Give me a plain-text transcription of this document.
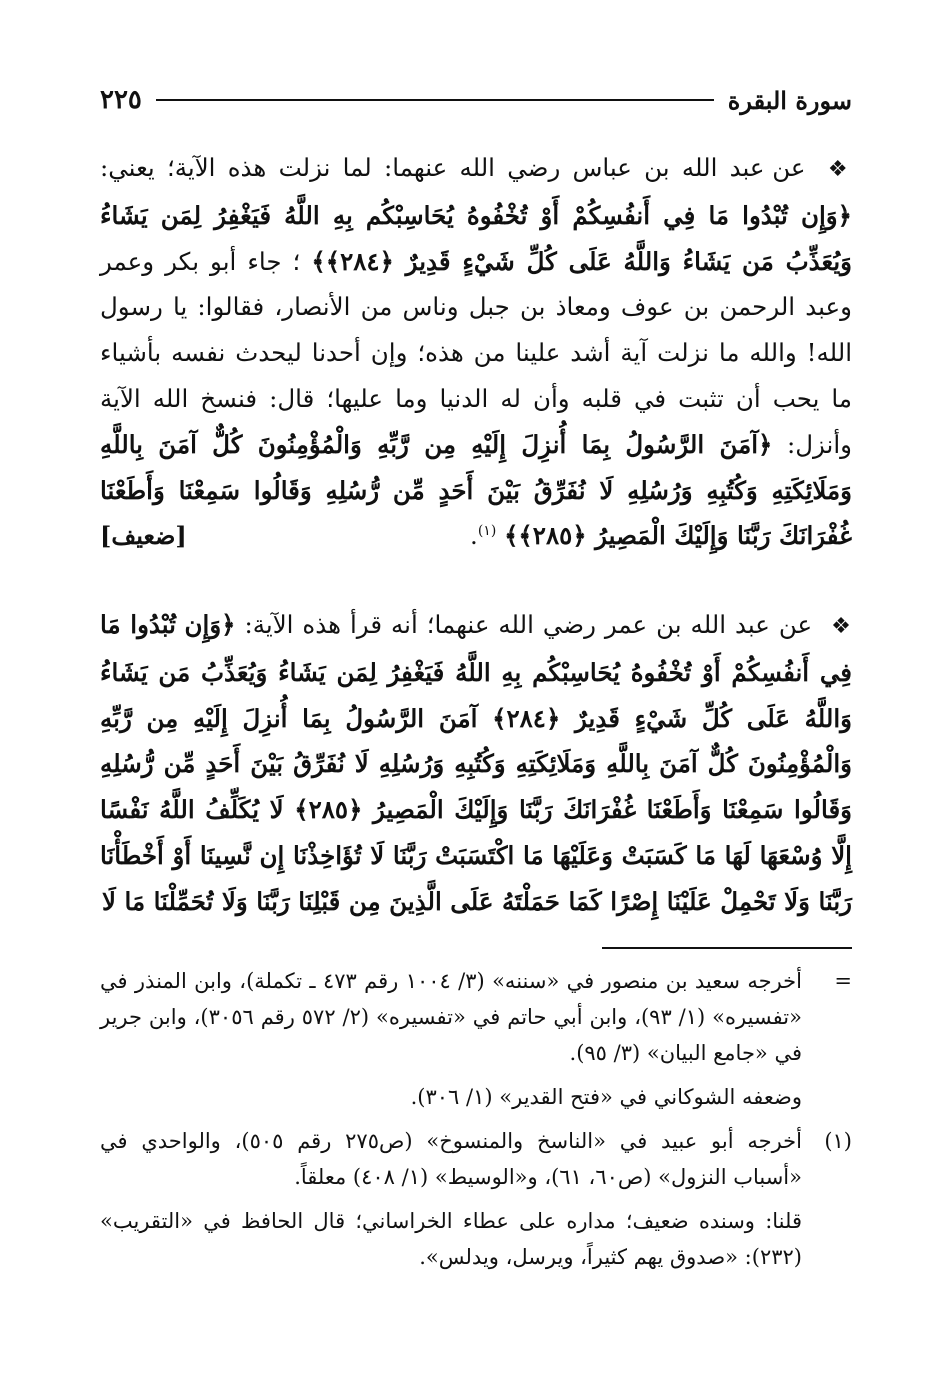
سورة البقرة
٢٢٥
❖ عن عبد الله بن عباس رضي الله عنهما: لما نزلت هذه الآية؛ يعني: ﴿وَإِن تُبْدُوا مَا فِي أَنفُسِكُمْ أَوْ تُخْفُوهُ يُحَاسِبْكُم بِهِ اللَّهُ فَيَغْفِرُ لِمَن يَشَاءُ وَيُعَذِّبُ مَن يَشَاءُ وَاللَّهُ عَلَى كُلِّ شَيْءٍ قَدِيرٌ ﴿٢٨٤﴾﴾ ؛ جاء أبو بكر وعمر وعبد الرحمن بن عوف ومعاذ بن جبل وناس من الأنصار، فقالوا: يا رسول الله! والله ما نزلت آية أشد علينا من هذه؛ وإن أحدنا ليحدث نفسه بأشياء ما يحب أن تثبت في قلبه وأن له الدنيا وما عليها؛ قال: فنسخ الله الآية وأنزل: ﴿آمَنَ الرَّسُولُ بِمَا أُنزِلَ إِلَيْهِ مِن رَّبِّهِ وَالْمُؤْمِنُونَ كُلٌّ آمَنَ بِاللَّهِ وَمَلَائِكَتِهِ وَكُتُبِهِ وَرُسُلِهِ لَا نُفَرِّقُ بَيْنَ أَحَدٍ مِّن رُّسُلِهِ وَقَالُوا سَمِعْنَا وَأَطَعْنَا غُفْرَانَكَ رَبَّنَا وَإِلَيْكَ الْمَصِيرُ ﴿٢٨٥﴾﴾ $^{(١)}$.
[ضعيف]
❖ عن عبد الله بن عمر رضي الله عنهما؛ أنه قرأ هذه الآية: ﴿وَإِن تُبْدُوا مَا فِي أَنفُسِكُمْ أَوْ تُخْفُوهُ يُحَاسِبْكُم بِهِ اللَّهُ فَيَغْفِرُ لِمَن يَشَاءُ وَيُعَذِّبُ مَن يَشَاءُ وَاللَّهُ عَلَى كُلِّ شَيْءٍ قَدِيرٌ ﴿٢٨٤﴾ آمَنَ الرَّسُولُ بِمَا أُنزِلَ إِلَيْهِ مِن رَّبِّهِ وَالْمُؤْمِنُونَ كُلٌّ آمَنَ بِاللَّهِ وَمَلَائِكَتِهِ وَكُتُبِهِ وَرُسُلِهِ لَا نُفَرِّقُ بَيْنَ أَحَدٍ مِّن رُّسُلِهِ وَقَالُوا سَمِعْنَا وَأَطَعْنَا غُفْرَانَكَ رَبَّنَا وَإِلَيْكَ الْمَصِيرُ ﴿٢٨٥﴾ لَا يُكَلِّفُ اللَّهُ نَفْسًا إِلَّا وُسْعَهَا لَهَا مَا كَسَبَتْ وَعَلَيْهَا مَا اكْتَسَبَتْ رَبَّنَا لَا تُؤَاخِذْنَا إِن نَّسِينَا أَوْ أَخْطَأْنَا رَبَّنَا وَلَا تَحْمِلْ عَلَيْنَا إِصْرًا كَمَا حَمَلْتَهُ عَلَى الَّذِينَ مِن قَبْلِنَا رَبَّنَا وَلَا تُحَمِّلْنَا مَا لَا
=

أخرجه سعيد بن منصور في «سننه» (٣/ ١٠٠٤ رقم ٤٧٣ ـ تكملة)، وابن المنذر في «تفسيره» (١/ ٩٣)، وابن أبي حاتم في «تفسيره» (٢/ ٥٧٢ رقم ٣٠٥٦)، وابن جرير في «جامع البيان» (٣/ ٩٥).

وضعفه الشوكاني في «فتح القدير» (١/ ٣٠٦).

(١)

أخرجه أبو عبيد في «الناسخ والمنسوخ» (ص٢٧٥ رقم ٥٠٥)، والواحدي في «أسباب النزول» (ص٦٠، ٦١)، و«الوسيط» (١/ ٤٠٨) معلقاً.

قلنا: وسنده ضعيف؛ مداره على عطاء الخراساني؛ قال الحافظ في «التقريب» (٢٣٢): «صدوق يهم كثيراً، ويرسل، ويدلس».
